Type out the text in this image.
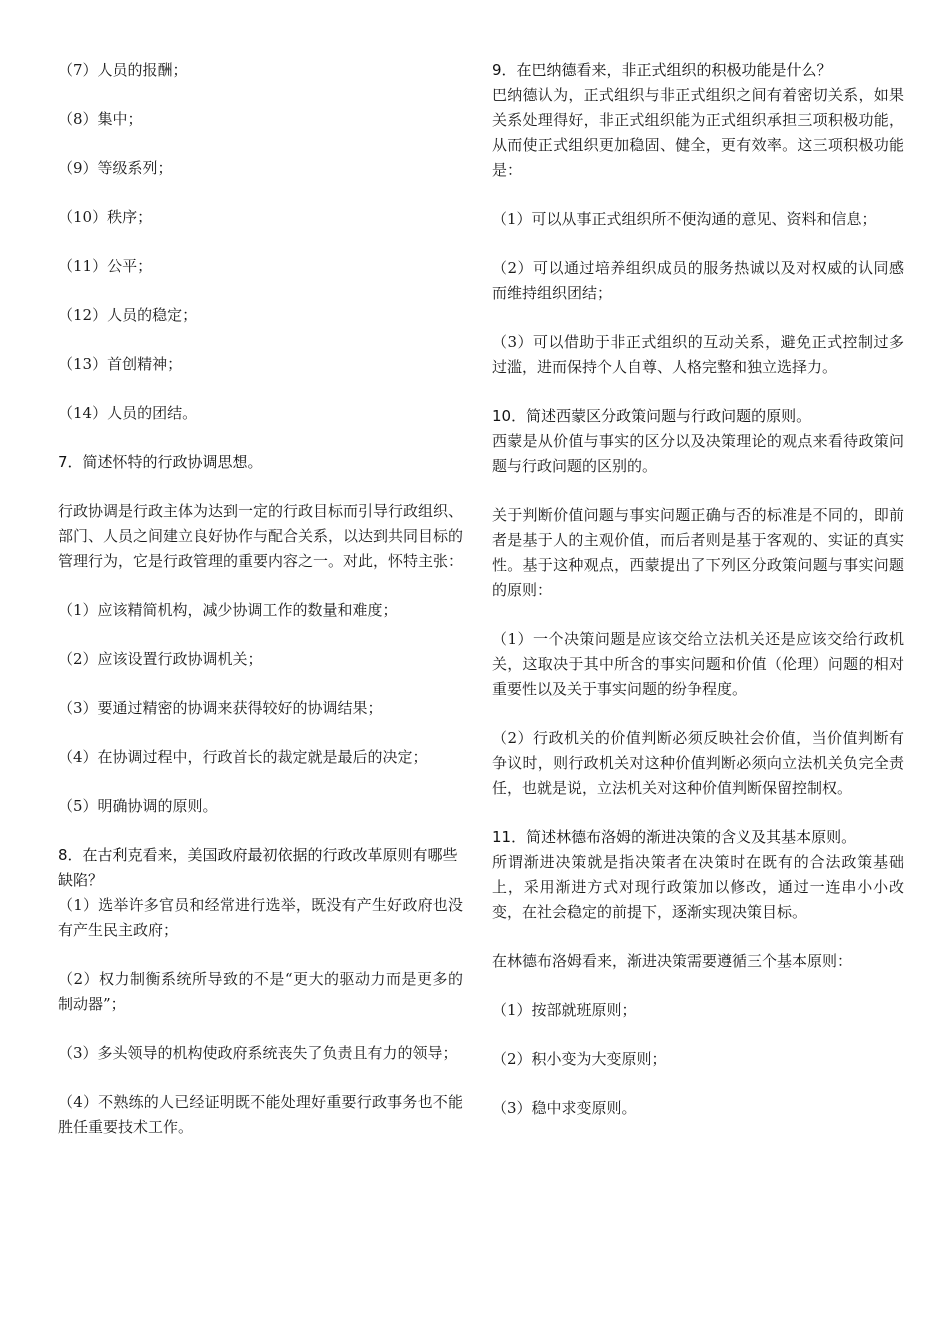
（7）人员的报酬；

（8）集中；

（9）等级系列；

（10）秩序；

（11）公平；

（12）人员的稳定；

（13）首创精神；

（14）人员的团结。

7．简述怀特的行政协调思想。

行政协调是行政主体为达到一定的行政目标而引导行政组织、部门、人员之间建立良好协作与配合关系，以达到共同目标的管理行为，它是行政管理的重要内容之一。对此，怀特主张：

（1）应该精简机构，减少协调工作的数量和难度；

（2）应该设置行政协调机关；

（3）要通过精密的协调来获得较好的协调结果；

（4）在协调过程中，行政首长的裁定就是最后的决定；

（5）明确协调的原则。

8．在古利克看来，美国政府最初依据的行政改革原则有哪些缺陷？

（1）选举许多官员和经常进行选举，既没有产生好政府也没有产生民主政府；

（2）权力制衡系统所导致的不是“更大的驱动力而是更多的制动器”；

（3）多头领导的机构使政府系统丧失了负责且有力的领导；

（4）不熟练的人已经证明既不能处理好重要行政事务也不能胜任重要技术工作。

9．在巴纳德看来，非正式组织的积极功能是什么？

巴纳德认为，正式组织与非正式组织之间有着密切关系，如果关系处理得好，非正式组织能为正式组织承担三项积极功能，从而使正式组织更加稳固、健全，更有效率。这三项积极功能是：

（1）可以从事正式组织所不便沟通的意见、资料和信息；

（2）可以通过培养组织成员的服务热诚以及对权威的认同感而维持组织团结；

（3）可以借助于非正式组织的互动关系，避免正式控制过多过滥，进而保持个人自尊、人格完整和独立选择力。

10．简述西蒙区分政策问题与行政问题的原则。

西蒙是从价值与事实的区分以及决策理论的观点来看待政策问题与行政问题的区别的。

关于判断价值问题与事实问题正确与否的标准是不同的，即前者是基于人的主观价值，而后者则是基于客观的、实证的真实性。基于这种观点，西蒙提出了下列区分政策问题与事实问题的原则：

（1）一个决策问题是应该交给立法机关还是应该交给行政机关，这取决于其中所含的事实问题和价值（伦理）问题的相对重要性以及关于事实问题的纷争程度。

（2）行政机关的价值判断必须反映社会价值，当价值判断有争议时，则行政机关对这种价值判断必须向立法机关负完全责任，也就是说，立法机关对这种价值判断保留控制权。

11．简述林德布洛姆的渐进决策的含义及其基本原则。

所谓渐进决策就是指决策者在决策时在既有的合法政策基础上，采用渐进方式对现行政策加以修改，通过一连串小小改变，在社会稳定的前提下，逐渐实现决策目标。

在林德布洛姆看来，渐进决策需要遵循三个基本原则：

（1）按部就班原则；

（2）积小变为大变原则；

（3）稳中求变原则。
